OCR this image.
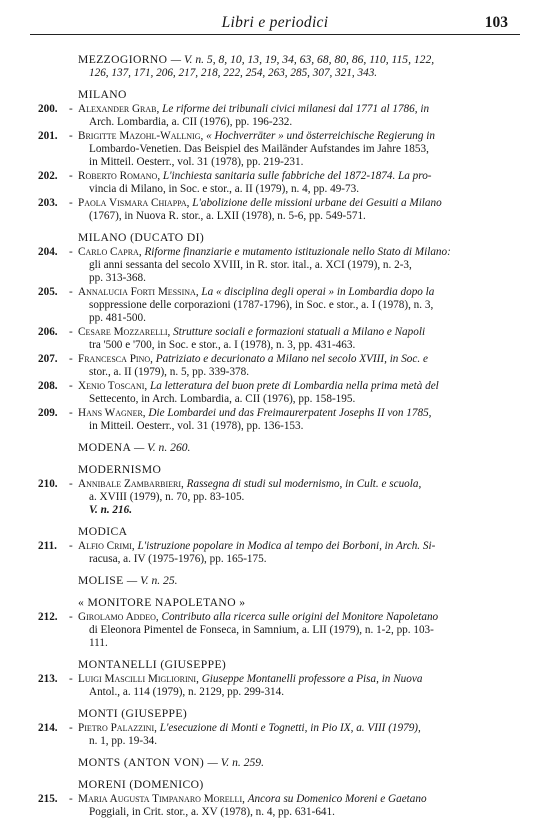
Libri e periodici	103
MEZZOGIORNO — V. n. 5, 8, 10, 13, 19, 34, 63, 68, 80, 86, 110, 115, 122,
126, 137, 171, 206, 217, 218, 222, 254, 263, 285, 307, 321, 343.
MILANO
200. - Alexander Grab, Le riforme dei tribunali civici milanesi dal 1771 al 1786, in
Arch. Lombardia, a. CII (1976), pp. 196-232.
201. - Brigitte Mazohl-Wallnig, « Hochverräter » und österreichische Regierung in
Lombardo-Venetien. Das Beispiel des Mailänder Aufstandes im Jahre 1853,
in Mitteil. Oesterr., vol. 31 (1978), pp. 219-231.
202. - Roberto Romano, L'inchiesta sanitaria sulle fabbriche del 1872-1874. La pro-
vincia di Milano, in Soc. e stor., a. II (1979), n. 4, pp. 49-73.
203. - Paola Vismara Chiappa, L'abolizione delle missioni urbane dei Gesuiti a Milano
(1767), in Nuova R. stor., a. LXII (1978), n. 5-6, pp. 549-571.
MILANO (DUCATO DI)
204. - Carlo Capra, Riforme finanziarie e mutamento istituzionale nello Stato di Milano:
gli anni sessanta del secolo XVIII, in R. stor. ital., a. XCI (1979), n. 2-3,
pp. 313-368.
205. - Annalucia Forti Messina, La « disciplina degli operai » in Lombardia dopo la
soppressione delle corporazioni (1787-1796), in Soc. e stor., a. I (1978), n. 3,
pp. 481-500.
206. - Cesare Mozzarelli, Strutture sociali e formazioni statuali a Milano e Napoli
tra '500 e '700, in Soc. e stor., a. I (1978), n. 3, pp. 431-463.
207. - Francesca Pino, Patriziato e decurionato a Milano nel secolo XVIII, in Soc. e
stor., a. II (1979), n. 5, pp. 339-378.
208. - Xenio Toscani, La letteratura del buon prete di Lombardia nella prima metà del
Settecento, in Arch. Lombardia, a. CII (1976), pp. 158-195.
209. - Hans Wagner, Die Lombardei und das Freimaurerpatent Josephs II von 1785,
in Mitteil. Oesterr., vol. 31 (1978), pp. 136-153.
MODENA — V. n. 260.
MODERNISMO
210. - Annibale Zambarbieri, Rassegna di studi sul modernismo, in Cult. e scuola,
a. XVIII (1979), n. 70, pp. 83-105.
V. n. 216.
MODICA
211. - Alfio Crimi, L'istruzione popolare in Modica al tempo dei Borboni, in Arch. Si-
racusa, a. IV (1975-1976), pp. 165-175.
MOLISE — V. n. 25.
« MONITORE NAPOLETANO »
212. - Girolamo Addeo, Contributo alla ricerca sulle origini del Monitore Napoletano
di Eleonora Pimentel de Fonseca, in Samnium, a. LII (1979), n. 1-2, pp. 103-
111.
MONTANELLI (GIUSEPPE)
213. - Luigi Mascilli Migliorini, Giuseppe Montanelli professore a Pisa, in Nuova
Antol., a. 114 (1979), n. 2129, pp. 299-314.
MONTI (GIUSEPPE)
214. - Pietro Palazzini, L'esecuzione di Monti e Tognetti, in Pio IX, a. VIII (1979),
n. 1, pp. 19-34.
MONTS (ANTON VON) — V. n. 259.
MORENI (DOMENICO)
215. - Maria Augusta Timpanaro Morelli, Ancora su Domenico Moreni e Gaetano
Poggiali, in Crit. stor., a. XV (1978), n. 4, pp. 631-641.
